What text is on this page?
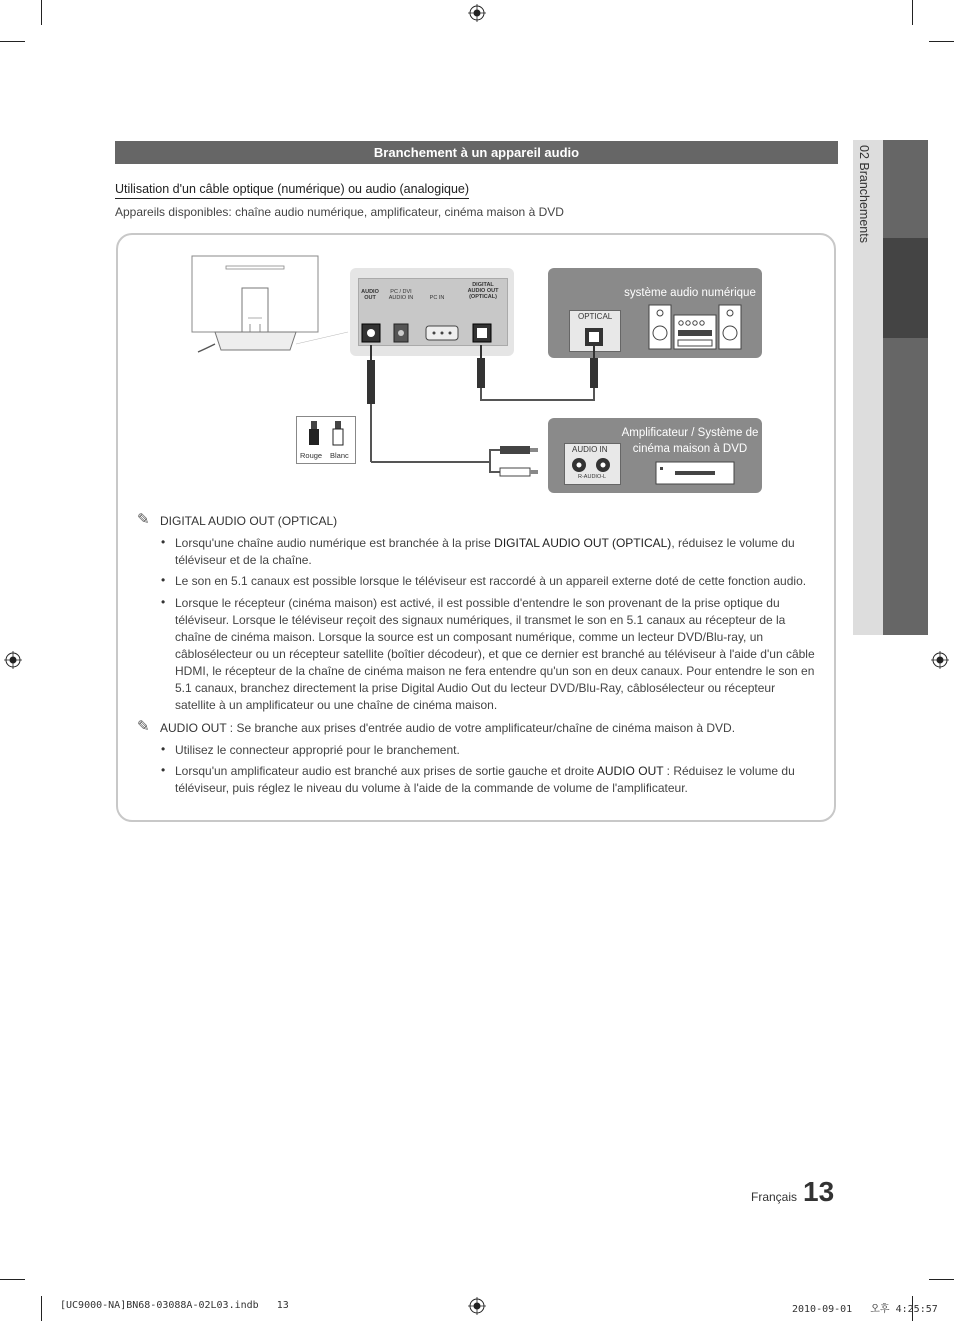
02 Branchements
Branchement à un appareil audio
Utilisation d'un câble optique (numérique) ou audio (analogique)
Appareils disponibles: chaîne audio numérique, amplificateur, cinéma maison à DVD
AUDIO
OUT
PC / DVI
AUDIO IN	PC IN
DIGITAL
AUDIO OUT
(OPTICAL)	système audio numérique
OPTICAL
Amplificateur / Système de
cinéma maison à DVD
AUDIO IN
R-AUDIO-L
Rouge Blanc
✎ DIGITAL AUDIO OUT (OPTICAL)
• Lorsqu'une chaîne audio numérique est branchée à la prise DIGITAL AUDIO OUT (OPTICAL), réduisez le volume du téléviseur et de la chaîne.
• Le son en 5.1 canaux est possible lorsque le téléviseur est raccordé à un appareil externe doté de cette fonction audio.
• Lorsque le récepteur (cinéma maison) est activé, il est possible d'entendre le son provenant de la prise optique du téléviseur. Lorsque le téléviseur reçoit des signaux numériques, il transmet le son en 5.1 canaux au récepteur de la chaîne de cinéma maison. Lorsque la source est un composant numérique, comme un lecteur DVD/Blu-ray, un câblosélecteur ou un récepteur satellite (boîtier décodeur), et que ce dernier est branché au téléviseur à l'aide d'un câble HDMI, le récepteur de la chaîne de cinéma maison ne fera entendre qu'un son en deux canaux. Pour entendre le son en 5.1 canaux, branchez directement la prise Digital Audio Out du lecteur DVD/Blu-Ray, câblosélecteur ou récepteur satellite à un amplificateur ou une chaîne de cinéma maison.
✎ AUDIO OUT : Se branche aux prises d'entrée audio de votre amplificateur/chaîne de cinéma maison à DVD.
• Utilisez le connecteur approprié pour le branchement.
• Lorsqu'un amplificateur audio est branché aux prises de sortie gauche et droite AUDIO OUT : Réduisez le volume du téléviseur, puis réglez le niveau du volume à l'aide de la commande de volume de l'amplificateur.
Français 13
[UC9000-NA]BN68-03088A-02L03.indb   13	2010-09-01   오후 4:25:57
